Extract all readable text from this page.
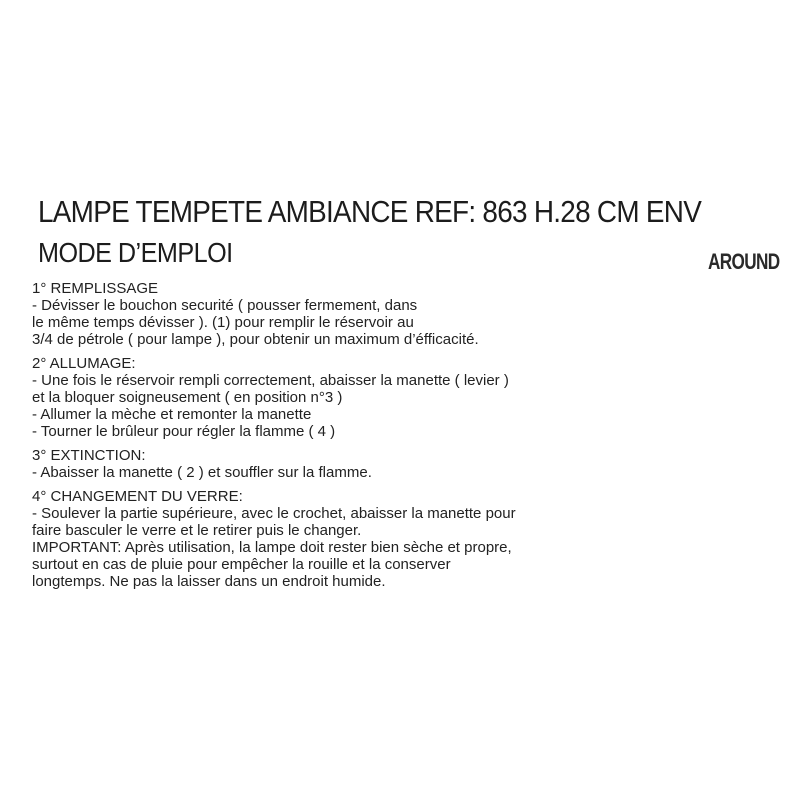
LAMPE TEMPETE AMBIANCE REF: 863 H.28 CM ENV
MODE D’EMPLOI	AROUND
1° REMPLISSAGE
- Dévisser le bouchon securité ( pousser fermement, dans
le même temps dévisser ). (1) pour remplir le réservoir au
3/4 de pétrole ( pour lampe ), pour obtenir un maximum d’éfficacité.
2° ALLUMAGE:
- Une fois le réservoir rempli correctement, abaisser la manette ( levier )
et la bloquer soigneusement ( en position n°3 )
- Allumer la mèche et remonter la manette
- Tourner le brûleur pour régler la flamme ( 4 )
3° EXTINCTION:
- Abaisser la manette ( 2 ) et souffler sur la flamme.
4° CHANGEMENT DU VERRE:
- Soulever la partie supérieure, avec le crochet, abaisser la manette pour
faire basculer le verre et le retirer puis le changer.
IMPORTANT: Après utilisation, la lampe doit rester bien sèche et propre,
surtout en cas de pluie pour empêcher la rouille et la conserver
longtemps. Ne pas la laisser dans un endroit humide.
